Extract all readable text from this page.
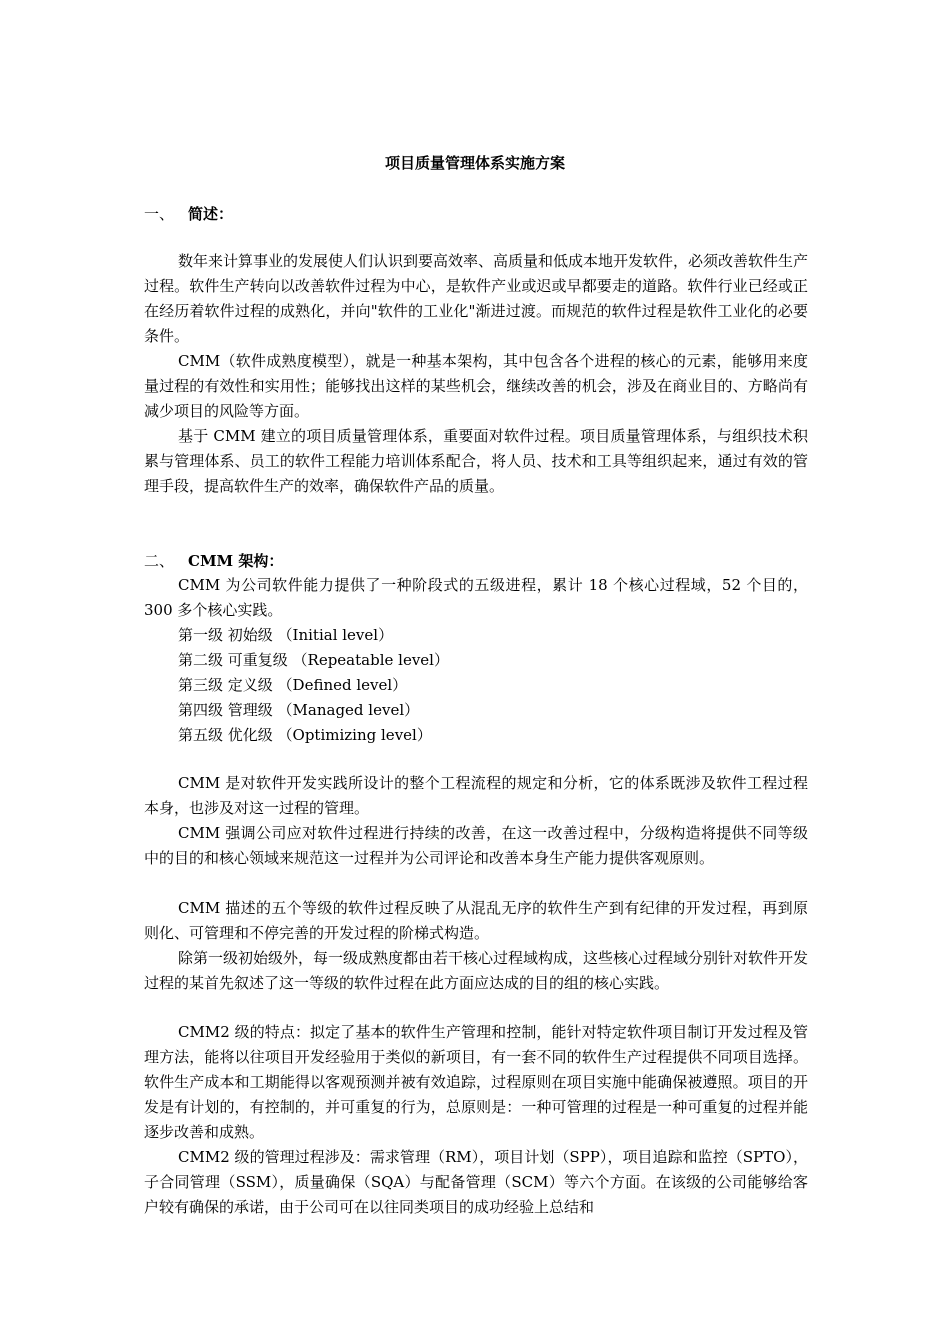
项目质量管理体系实施方案
一、 简述：
数年来计算事业的发展使人们认识到要高效率、高质量和低成本地开发软件，必须改善软件生产过程。软件生产转向以改善软件过程为中心，是软件产业或迟或早都要走的道路。软件行业已经或正在经历着软件过程的成熟化，并向"软件的工业化"渐进过渡。而规范的软件过程是软件工业化的必要条件。
CMM（软件成熟度模型），就是一种基本架构，其中包含各个进程的核心的元素，能够用来度量过程的有效性和实用性；能够找出这样的某些机会，继续改善的机会，涉及在商业目的、方略尚有减少项目的风险等方面。
基于 CMM 建立的项目质量管理体系，重要面对软件过程。项目质量管理体系，与组织技术积累与管理体系、员工的软件工程能力培训体系配合，将人员、技术和工具等组织起来，通过有效的管理手段，提高软件生产的效率，确保软件产品的质量。
二、 CMM 架构：
CMM 为公司软件能力提供了一种阶段式的五级进程，累计 18 个核心过程域，52 个目的，300 多个核心实践。
第一级 初始级 （Initial level）
第二级 可重复级 （Repeatable level）
第三级 定义级 （Defined level）
第四级 管理级 （Managed level）
第五级 优化级 （Optimizing level）
CMM 是对软件开发实践所设计的整个工程流程的规定和分析，它的体系既涉及软件工程过程本身，也涉及对这一过程的管理。
CMM 强调公司应对软件过程进行持续的改善，在这一改善过程中，分级构造将提供不同等级中的目的和核心领域来规范这一过程并为公司评论和改善本身生产能力提供客观原则。
CMM 描述的五个等级的软件过程反映了从混乱无序的软件生产到有纪律的开发过程，再到原则化、可管理和不停完善的开发过程的阶梯式构造。
除第一级初始级外，每一级成熟度都由若干核心过程域构成，这些核心过程域分别针对软件开发过程的某首先叙述了这一等级的软件过程在此方面应达成的目的组的核心实践。
CMM2 级的特点：拟定了基本的软件生产管理和控制，能针对特定软件项目制订开发过程及管理方法，能将以往项目开发经验用于类似的新项目，有一套不同的软件生产过程提供不同项目选择。软件生产成本和工期能得以客观预测并被有效追踪，过程原则在项目实施中能确保被遵照。项目的开发是有计划的，有控制的，并可重复的行为，总原则是：一种可管理的过程是一种可重复的过程并能逐步改善和成熟。
CMM2 级的管理过程涉及：需求管理（RM），项目计划（SPP），项目追踪和监控（SPTO），子合同管理（SSM），质量确保（SQA）与配备管理（SCM）等六个方面。在该级的公司能够给客户较有确保的承诺，由于公司可在以往同类项目的成功经验上总结和
